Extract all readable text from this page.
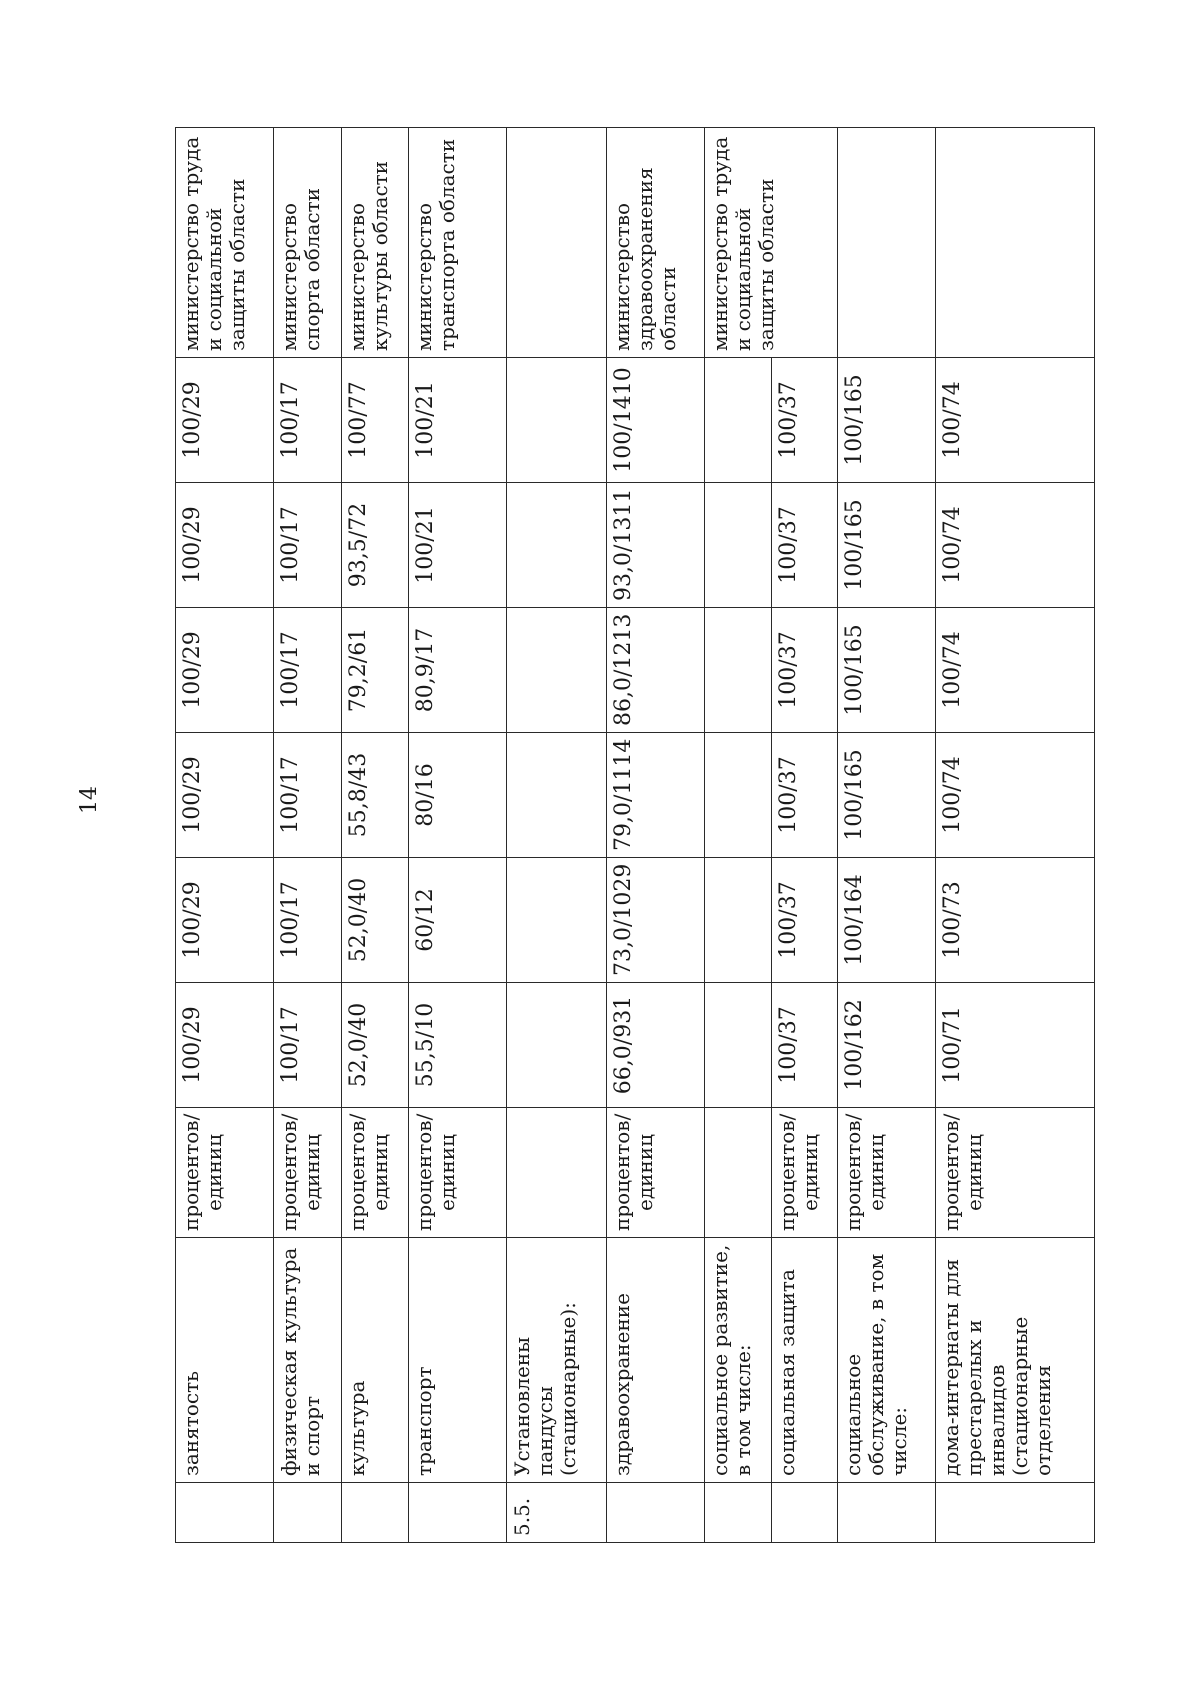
14
	занятость	процентов/ единиц	100/29	100/29	100/29	100/29	100/29	100/29	министерство труда и социальной защиты области
	физическая культура и спорт	процентов/ единиц	100/17	100/17	100/17	100/17	100/17	100/17	министерство спорта области
	культура	процентов/ единиц	52,0/40	52,0/40	55,8/43	79,2/61	93,5/72	100/77	министерство культуры области
	транспорт	процентов/ единиц	55,5/10	60/12	80/16	80,9/17	100/21	100/21	министерство транспорта области
5.5.	Установлены пандусы (стационарные):								
	здравоохранение	процентов/ единиц	66,0/931	73,0/1029	79,0/1114	86,0/1213	93,0/1311	100/1410	министерство здравоохранения области
	социальное развитие, в том числе:								министерство труда и социальной защиты области
	социальная защита	процентов/ единиц	100/37	100/37	100/37	100/37	100/37	100/37	
	социальное обслуживание, в том числе:	процентов/ единиц	100/162	100/164	100/165	100/165	100/165	100/165	
	дома-интернаты для престарелых и инвалидов (стационарные отделения	процентов/ единиц	100/71	100/73	100/74	100/74	100/74	100/74	
